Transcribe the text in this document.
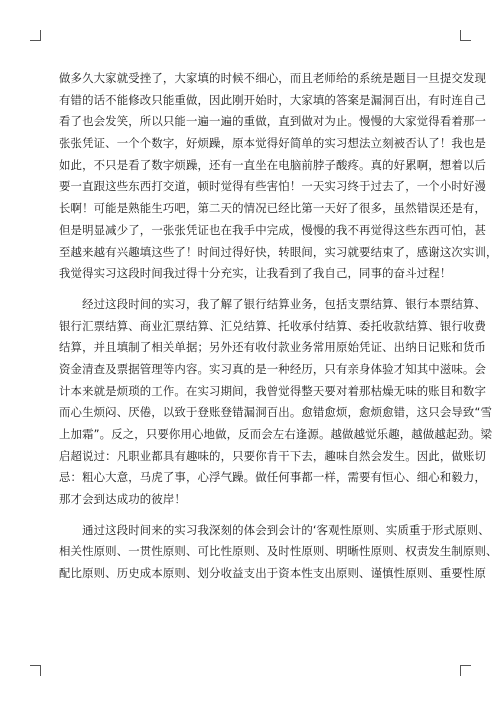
做多久大家就受挫了，大家填的时候不细心，而且老师给的系统是题目一旦提交发现
有错的话不能修改只能重做，因此刚开始时，大家填的答案是漏洞百出，有时连自己
看了也会发笑，所以只能一遍一遍的重做，直到做对为止。慢慢的大家觉得看着那一
张张凭证、一个个数字，好烦躁，原本觉得好简单的实习想法立刻被否认了！我也是
如此，不只是看了数字烦躁，还有一直坐在电脑前脖子酸疼。真的好累啊，想着以后
要一直跟这些东西打交道，顿时觉得有些害怕！一天实习终于过去了，一个小时好漫
长啊！可能是熟能生巧吧，第二天的情况已经比第一天好了很多，虽然错误还是有，
但是明显减少了，一张张凭证也在我手中完成，慢慢的我不再觉得这些东西可怕，甚
至越来越有兴趣填这些了！时间过得好快，转眼间，实习就要结束了，感谢这次实训，
我觉得实习这段时间我过得十分充实，让我看到了我自己，同事的奋斗过程！
　　经过这段时间的实习，我了解了银行结算业务，包括支票结算、银行本票结算、
银行汇票结算、商业汇票结算、汇兑结算、托收承付结算、委托收款结算、银行收费
结算，并且填制了相关单据；另外还有收付款业务常用原始凭证、出纳日记账和货币
资金清查及票据管理等内容。实习真的是一种经历，只有亲身体验才知其中滋味。会
计本来就是烦琐的工作。在实习期间，我曾觉得整天要对着那枯燥无味的账目和数字
而心生烦闷、厌倦，以致于登账登错漏洞百出。愈错愈烦，愈烦愈错，这只会导致“雪
上加霜”。反之，只要你用心地做，反而会左右逢源。越做越觉乐趣，越做越起劲。梁
启超说过：凡职业都具有趣味的，只要你肯干下去，趣味自然会发生。因此，做账切
忌：粗心大意，马虎了事，心浮气躁。做任何事都一样，需要有恒心、细心和毅力，
那才会到达成功的彼岸！
　　通过这段时间来的实习我深刻的体会到会计的‘客观性原则、实质重于形式原则、
相关性原则、一贯性原则、可比性原则、及时性原则、明晰性原则、权责发生制原则、
配比原则、历史成本原则、划分收益支出于资本性支出原则、谨慎性原则、重要性原
